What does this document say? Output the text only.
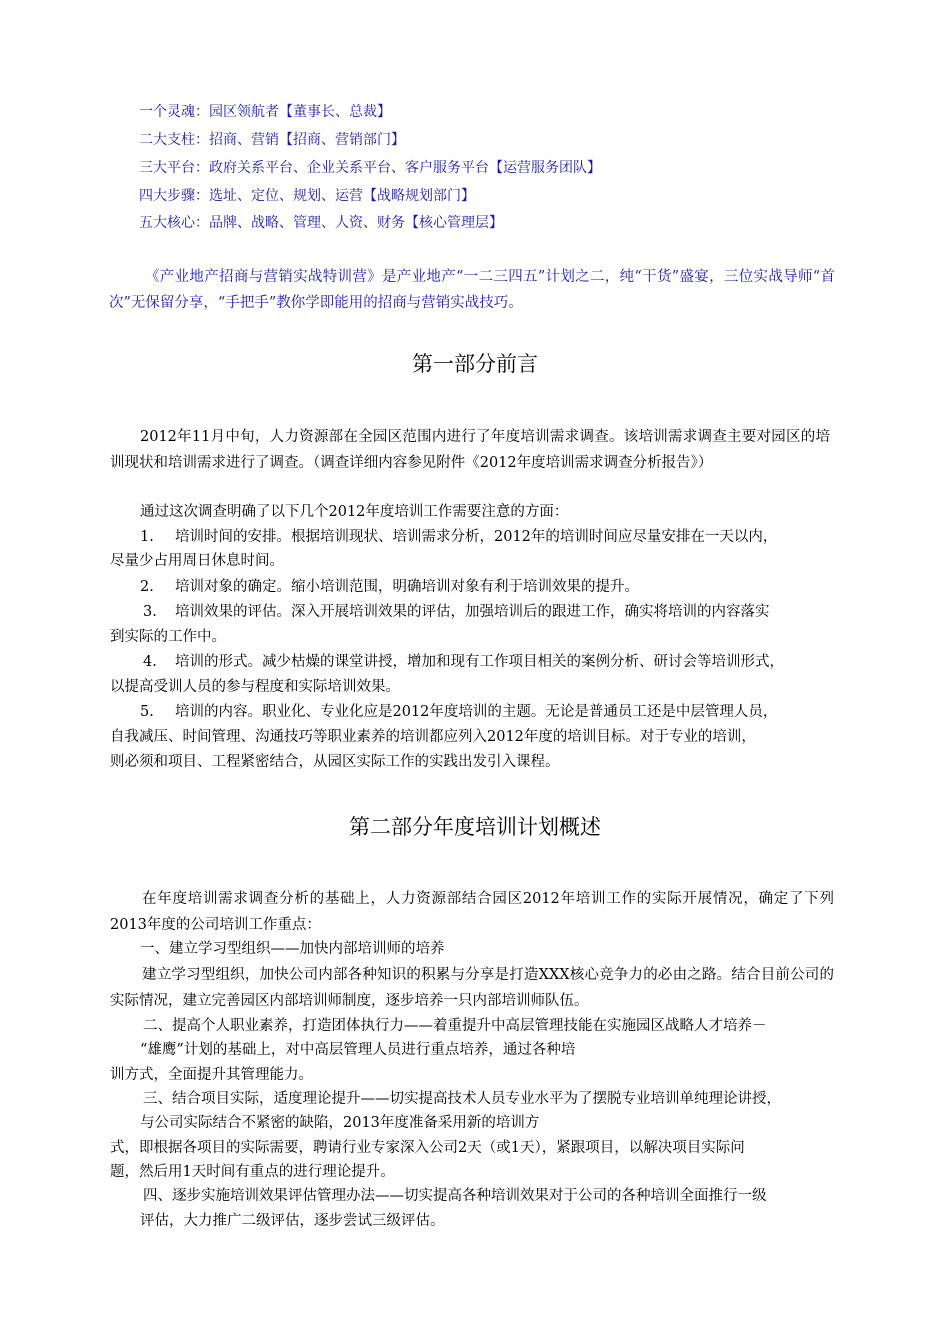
一个灵魂：园区领航者【董事长、总裁】
二大支柱：招商、营销【招商、营销部门】
三大平台：政府关系平台、企业关系平台、客户服务平台【运营服务团队】
四大步骤：选址、定位、规划、运营【战略规划部门】
五大核心：品牌、战略、管理、人资、财务【核心管理层】
《产业地产招商与营销实战特训营》是产业地产“一二三四五”计划之二，纯“干货”盛宴，三位实战导师“首次”无保留分享，“手把手”教你学即能用的招商与营销实战技巧。
第一部分前言
2012年11月中旬，人力资源部在全园区范围内进行了年度培训需求调查。该培训需求调查主要对园区的培训现状和培训需求进行了调查。（调查详细内容参见附件《2012年度培训需求调查分析报告》）
通过这次调查明确了以下几个2012年度培训工作需要注意的方面：
1. 培训时间的安排。根据培训现状、培训需求分析，2012年的培训时间应尽量安排在一天以内，
尽量少占用周日休息时间。
2. 培训对象的确定。缩小培训范围，明确培训对象有利于培训效果的提升。
3. 培训效果的评估。深入开展培训效果的评估，加强培训后的跟进工作，确实将培训的内容落实
到实际的工作中。
4. 培训的形式。减少枯燥的课堂讲授，增加和现有工作项目相关的案例分析、研讨会等培训形式，
以提高受训人员的参与程度和实际培训效果。
5. 培训的内容。职业化、专业化应是2012年度培训的主题。无论是普通员工还是中层管理人员，
自我减压、时间管理、沟通技巧等职业素养的培训都应列入2012年度的培训目标。对于专业的培训，
则必须和项目、工程紧密结合，从园区实际工作的实践出发引入课程。
第二部分年度培训计划概述
在年度培训需求调查分析的基础上，人力资源部结合园区2012年培训工作的实际开展情况，确定了下列2013年度的公司培训工作重点：
一、建立学习型组织——加快内部培训师的培养
建立学习型组织，加快公司内部各种知识的积累与分享是打造XXX核心竞争力的必由之路。结合目前公司的实际情况，建立完善园区内部培训师制度，逐步培养一只内部培训师队伍。
二、提高个人职业素养，打造团体执行力——着重提升中高层管理技能在实施园区战略人才培养－
“雄鹰”计划的基础上，对中高层管理人员进行重点培养，通过各种培
训方式，全面提升其管理能力。
三、结合项目实际，适度理论提升——切实提高技术人员专业水平为了摆脱专业培训单纯理论讲授，
与公司实际结合不紧密的缺陷，2013年度准备采用新的培训方
式，即根据各项目的实际需要，聘请行业专家深入公司2天（或1天），紧跟项目，以解决项目实际问
题，然后用1天时间有重点的进行理论提升。
四、逐步实施培训效果评估管理办法——切实提高各种培训效果对于公司的各种培训全面推行一级
评估，大力推广二级评估，逐步尝试三级评估。
